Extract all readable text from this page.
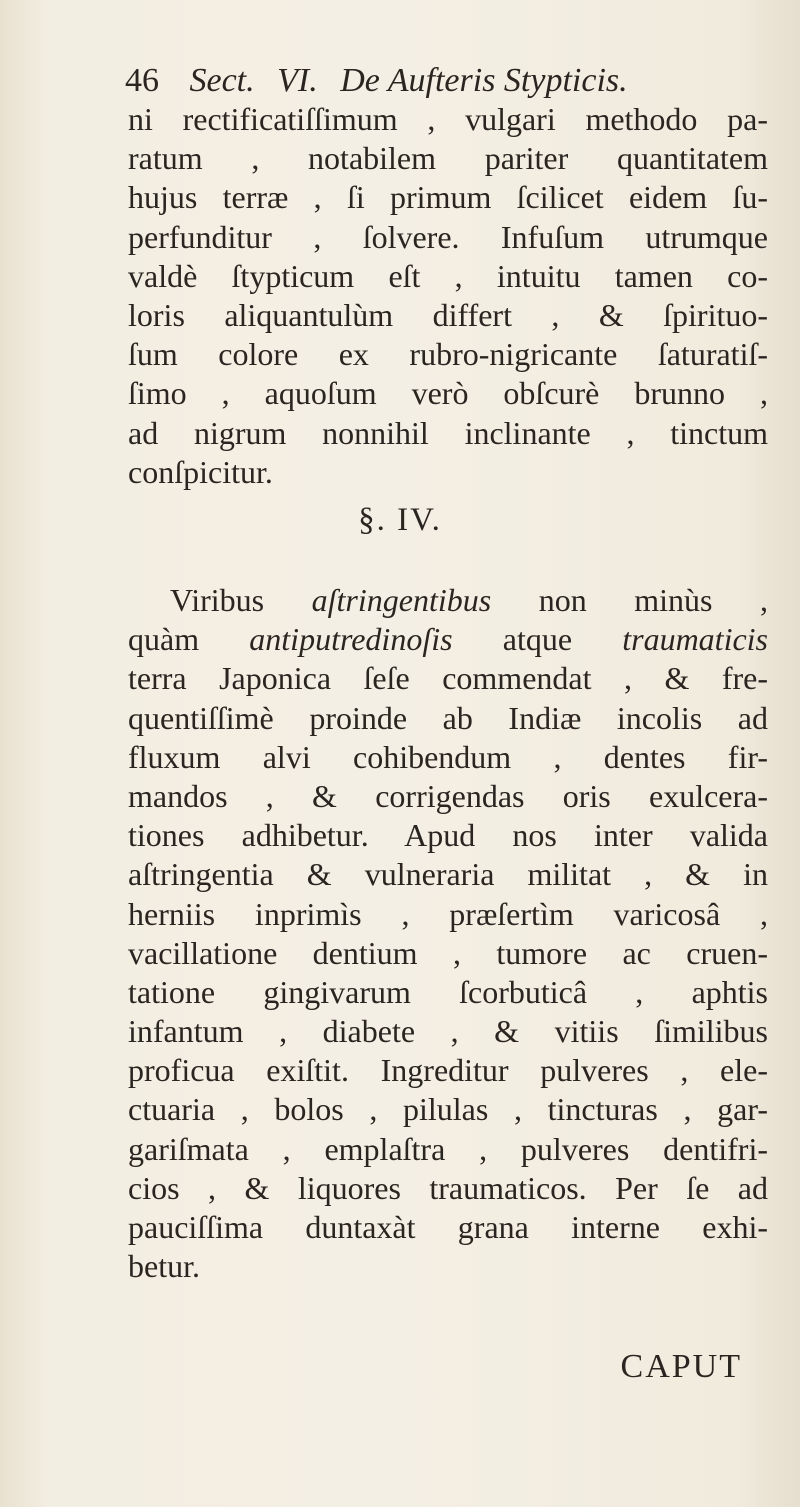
46 Sect. VI. De Aufteris Stypticis.
ni rectificatiſſimum , vulgari methodo pa-
ratum , notabilem pariter quantitatem
hujus terræ , ſi primum ſcilicet eidem ſu-
perfunditur , ſolvere. Infuſum utrumque
valdè ſtypticum eſt , intuitu tamen co-
loris aliquantulùm differt , & ſpirituo-
ſum colore ex rubro-nigricante ſaturatiſ-
ſimo , aquoſum verò obſcurè brunno ,
ad nigrum nonnihil inclinante , tinctum
conſpicitur.
§. IV.
Viribus aſtringentibus non minùs ,
quàm antiputredinoſis atque traumaticis
terra Japonica ſeſe commendat , & fre-
quentiſſimè proinde ab Indiæ incolis ad
fluxum alvi cohibendum , dentes fir-
mandos , & corrigendas oris exulcera-
tiones adhibetur. Apud nos inter valida
aſtringentia & vulneraria militat , & in
herniis inprimìs , præſertìm varicosâ ,
vacillatione dentium , tumore ac cruen-
tatione gingivarum ſcorbuticâ , aphtis
infantum , diabete , & vitiis ſimilibus
proficua exiſtit. Ingreditur pulveres , ele-
ctuaria , bolos , pilulas , tincturas , gar-
gariſmata , emplaſtra , pulveres dentifri-
cios , & liquores traumaticos. Per ſe ad
pauciſſima duntaxàt grana interne exhi-
betur.
CAPUT
